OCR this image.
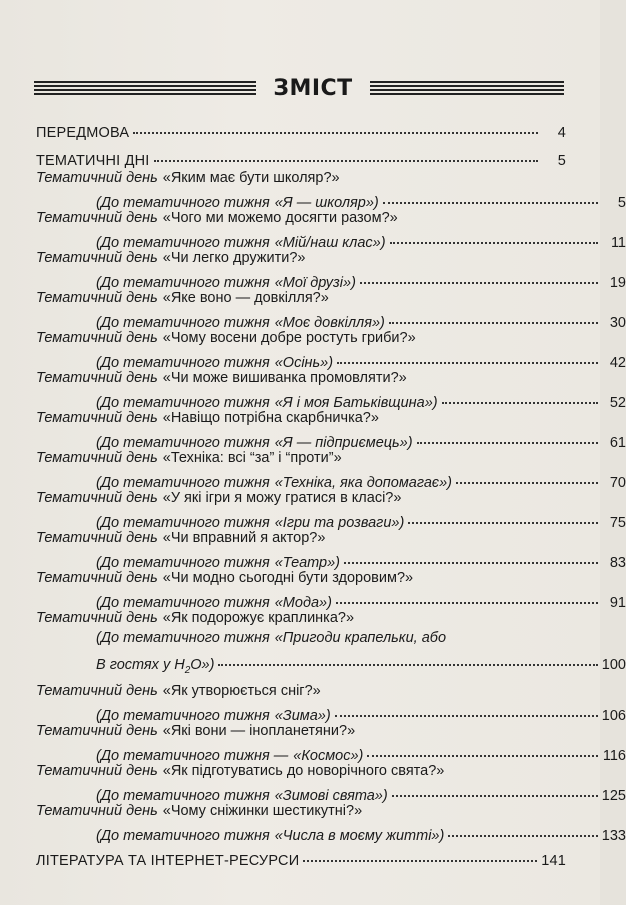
ЗМІСТ
ПЕРЕДМОВА	4
ТЕМАТИЧНІ ДНІ	5
Тематичний день «Яким має бути школяр?»
(До тематичного тижня «Я — школяр»)	5
Тематичний день «Чого ми можемо досягти разом?»
(До тематичного тижня «Мій/наш клас»)	11
Тематичний день «Чи легко дружити?»
(До тематичного тижня «Мої друзі»)	19
Тематичний день «Яке воно — довкілля?»
(До тематичного тижня «Моє довкілля»)	30
Тематичний день «Чому восени добре ростуть гриби?»
(До тематичного тижня «Осінь»)	42
Тематичний день «Чи може вишиванка промовляти?»
(До тематичного тижня «Я і моя Батьківщина»)	52
Тематичний день «Навіщо потрібна скарбничка?»
(До тематичного тижня «Я — підприємець»)	61
Тематичний день «Техніка: всі “за” і “проти”»
(До тематичного тижня «Техніка, яка допомагає»)	70
Тематичний день «У які ігри я можу гратися в класі?»
(До тематичного тижня «Ігри та розваги»)	75
Тематичний день «Чи вправний я актор?»
(До тематичного тижня «Театр»)	83
Тематичний день «Чи модно сьогодні бути здоровим?»
(До тематичного тижня «Мода»)	91
Тематичний день «Як подорожує краплинка?»
(До тематичного тижня «Пригоди крапельки, або
В гостях у $H_2O$»)	100
Тематичний день «Як утворюється сніг?»
(До тематичного тижня «Зима»)	106
Тематичний день «Які вони — інопланетяни?»
(До тематичного тижня — «Космос»)	116
Тематичний день «Як підготуватись до новорічного свята?»
(До тематичного тижня «Зимові свята»)	125
Тематичний день «Чому сніжинки шестикутні?»
(До тематичного тижня «Числа в моєму житті»)	133
ЛІТЕРАТУРА ТА ІНТЕРНЕТ-РЕСУРСИ	141
